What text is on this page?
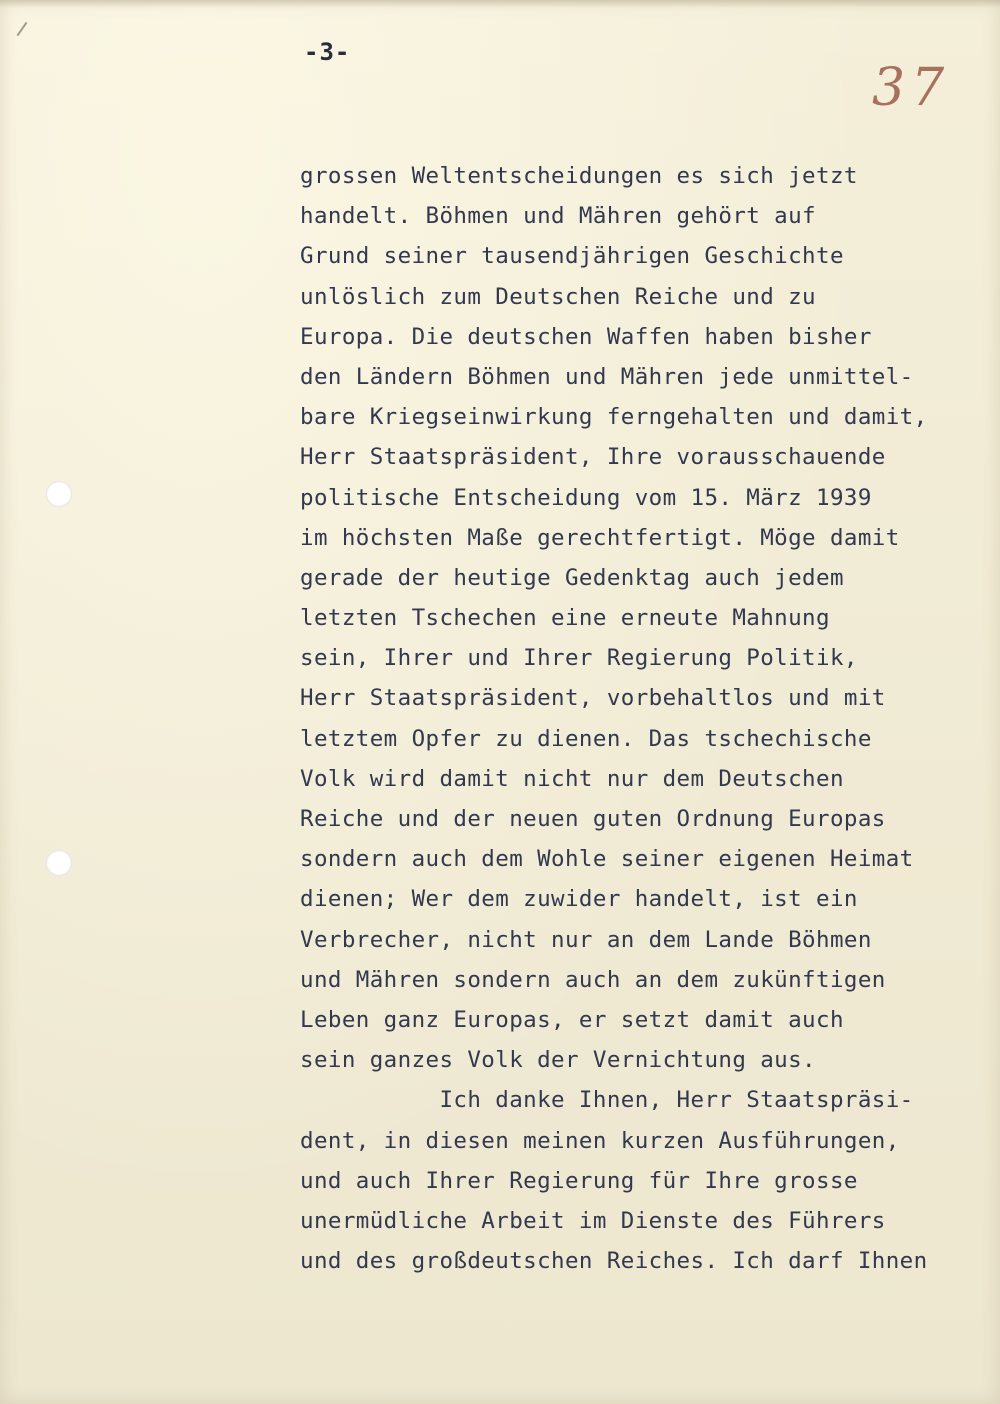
-3-
37
grossen Weltentscheidungen es sich jetzt
handelt. Böhmen und Mähren gehört auf
Grund seiner tausendjährigen Geschichte
unlöslich zum Deutschen Reiche und zu
Europa. Die deutschen Waffen haben bisher
den Ländern Böhmen und Mähren jede unmittel-
bare Kriegseinwirkung ferngehalten und damit,
Herr Staatspräsident, Ihre vorausschauende
politische Entscheidung vom 15. März 1939
im höchsten Maße gerechtfertigt. Möge damit
gerade der heutige Gedenktag auch jedem
letzten Tschechen eine erneute Mahnung
sein, Ihrer und Ihrer Regierung Politik,
Herr Staatspräsident, vorbehaltlos und mit
letztem Opfer zu dienen. Das tschechische
Volk wird damit nicht nur dem Deutschen
Reiche und der neuen guten Ordnung Europas
sondern auch dem Wohle seiner eigenen Heimat
dienen; Wer dem zuwider handelt, ist ein
Verbrecher, nicht nur an dem Lande Böhmen
und Mähren sondern auch an dem zukünftigen
Leben ganz Europas, er setzt damit auch
sein ganzes Volk der Vernichtung aus.
Ich danke Ihnen, Herr Staatspräsi-
dent, in diesen meinen kurzen Ausführungen,
und auch Ihrer Regierung für Ihre grosse
unermüdliche Arbeit im Dienste des Führers
und des großdeutschen Reiches. Ich darf Ihnen
